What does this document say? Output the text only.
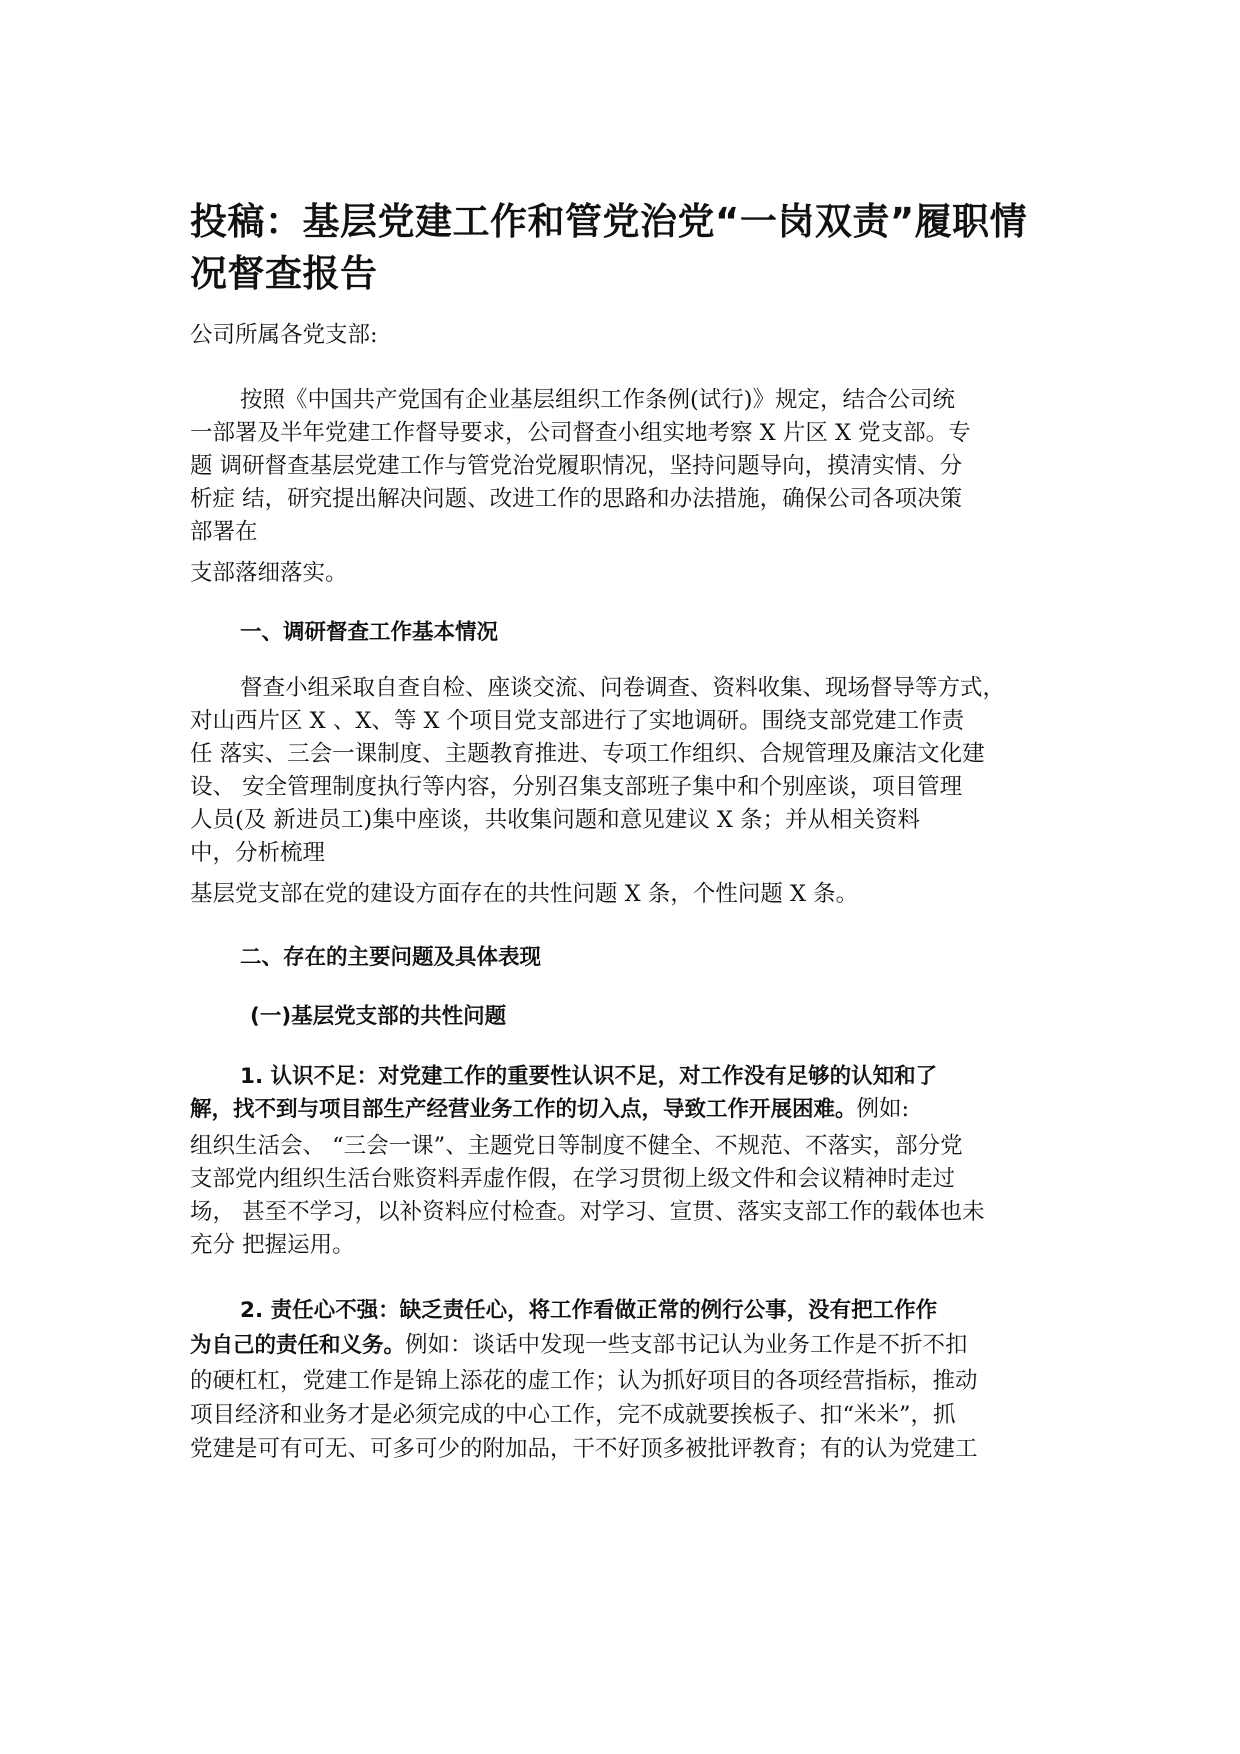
投稿：基层党建工作和管党治党“一岗双责”履职情
况督查报告

公司所属各党支部:

按照《中国共产党国有企业基层组织工作条例(试行)》规定，结合公司统

一部署及半年党建工作督导要求，公司督查小组实地考察 X 片区 X 党支部。专

题 调研督查基层党建工作与管党治党履职情况，坚持问题导向，摸清实情、分

析症 结，研究提出解决问题、改进工作的思路和办法措施，确保公司各项决策

部署在

支部落细落实。

一、调研督查工作基本情况

督查小组采取自查自检、座谈交流、问卷调查、资料收集、现场督导等方式，

对山西片区 X 、X、等 X 个项目党支部进行了实地调研。围绕支部党建工作责

任 落实、三会一课制度、主题教育推进、专项工作组织、合规管理及廉洁文化建

设、 安全管理制度执行等内容，分别召集支部班子集中和个别座谈，项目管理

人员(及 新进员工)集中座谈，共收集问题和意见建议 X 条；并从相关资料

中，分析梳理

基层党支部在党的建设方面存在的共性问题 X 条，个性问题 X 条。

二、存在的主要问题及具体表现

(一)基层党支部的共性问题

1. 认识不足：对党建工作的重要性认识不足，对工作没有足够的认知和了

解，找不到与项目部生产经营业务工作的切入点，导致工作开展困难。例如:

组织生活会、 “三会一课”、主题党日等制度不健全、不规范、不落实，部分党

支部党内组织生活台账资料弄虚作假，在学习贯彻上级文件和会议精神时走过

场， 甚至不学习，以补资料应付检查。对学习、宣贯、落实支部工作的载体也未

充分 把握运用。

2. 责任心不强：缺乏责任心，将工作看做正常的例行公事，没有把工作作

为自己的责任和义务。例如：谈话中发现一些支部书记认为业务工作是不折不扣

的硬杠杠，党建工作是锦上添花的虚工作；认为抓好项目的各项经营指标，推动

项目经济和业务才是必须完成的中心工作，完不成就要挨板子、扣“米米”，抓

党建是可有可无、可多可少的附加品，干不好顶多被批评教育；有的认为党建工
